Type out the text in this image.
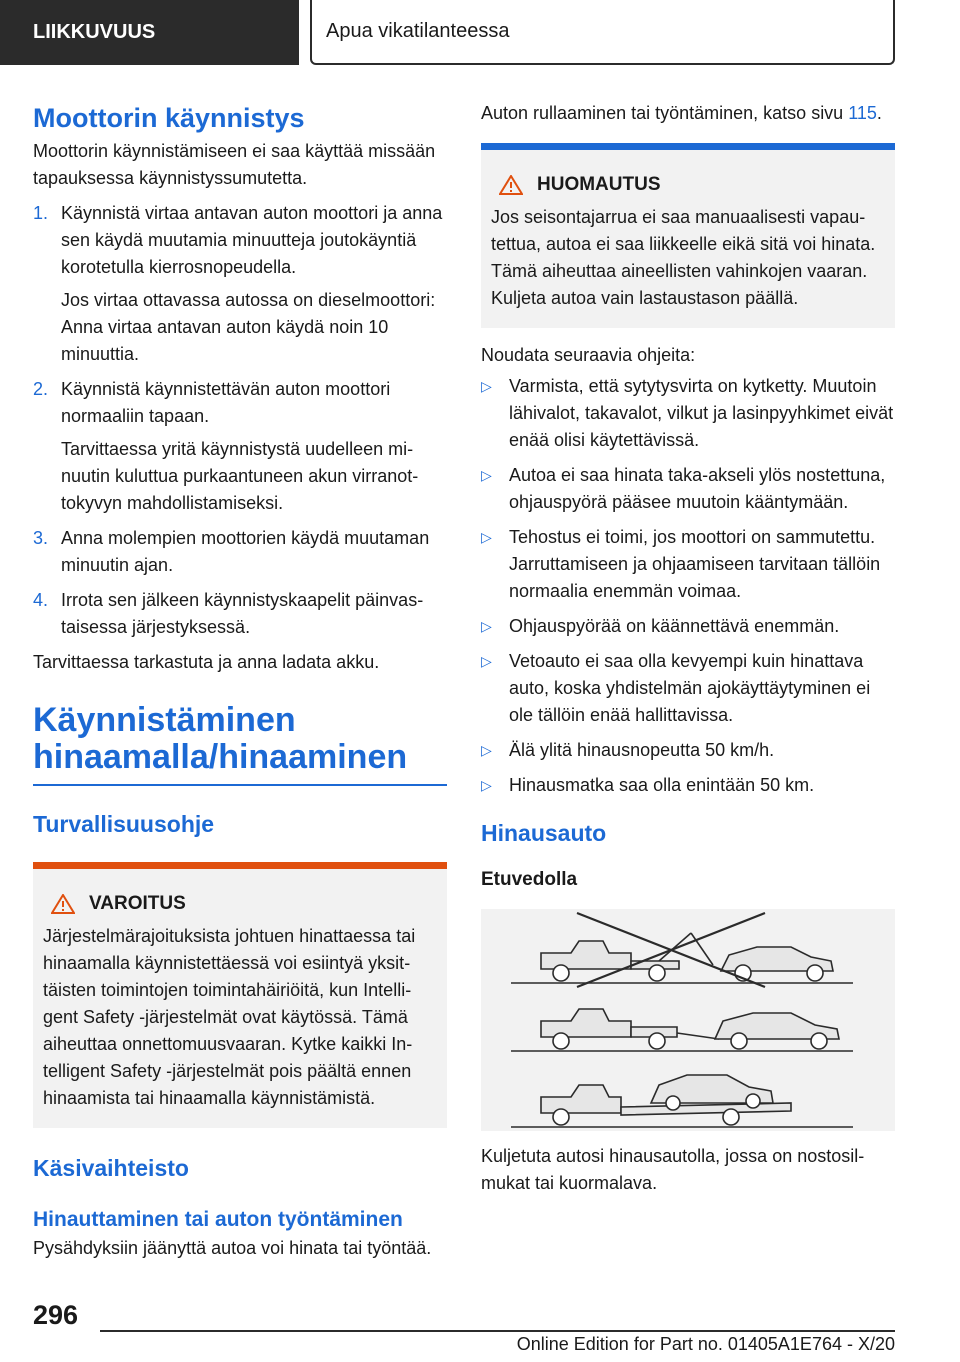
LIIKKUVUUS	Apua vikatilanteessa
Moottorin käynnistys

Moottorin käynnistämiseen ei saa käyttää missään tapauksessa käynnistyssumutetta.

1. Käynnistä virtaa antavan auton moottori ja anna sen käydä muutamia minuutteja joutokäyntiä korotetulla kierrosnopeudella.
Jos virtaa ottavassa autossa on dieselmoottori: Anna virtaa antavan auton käydä noin 10 minuuttia.
2. Käynnistä käynnistettävän auton moottori normaaliin tapaan.
Tarvittaessa yritä käynnistystä uudelleen minuutin kuluttua purkaantuneen akun virranottokyvyn mahdollistamiseksi.
3. Anna molempien moottorien käydä muutaman minuutin ajan.
4. Irrota sen jälkeen käynnistyskaapelit päinvastaisessa järjestyksessä.

Tarvittaessa tarkastuta ja anna ladata akku.

Käynnistäminen hinaamalla/hinaaminen
Turvallisuusohje
VAROITUS

Järjestelmärajoituksista johtuen hinattaessa tai hinaamalla käynnistettäessä voi esiintyä yksittäisten toimintojen toimintahäiriöitä, kun Intelligent Safety -järjestelmät ovat käytössä. Tämä aiheuttaa onnettomuusvaaran. Kytke kaikki Intelligent Safety -järjestelmät pois päältä ennen hinaamista tai hinaamalla käynnistämistä.

Käsivaihteisto
Hinauttaminen tai auton työntäminen

Pysähdyksiin jäänyttä autoa voi hinata tai työntää.

Auton rullaaminen tai työntäminen, katso sivu 115.

HUOMAUTUS

Jos seisontajarrua ei saa manuaalisesti vapautettua, autoa ei saa liikkeelle eikä sitä voi hinata. Tämä aiheuttaa aineellisten vahinkojen vaaran. Kuljeta autoa vain lastaustason päällä.

Noudata seuraavia ohjeita:

▷ Varmista, että sytytysvirta on kytketty. Muutoin lähivalot, takavalot, vilkut ja lasinpyyhkimet eivät enää olisi käytettävissä.
▷ Autoa ei saa hinata taka-akseli ylös nostettuna, ohjauspyörä pääsee muutoin kääntymään.
▷ Tehostus ei toimi, jos moottori on sammutettu. Jarruttamiseen ja ohjaamiseen tarvitaan tällöin normaalia enemmän voimaa.
▷ Ohjauspyörää on käännettävä enemmän.
▷ Vetoauto ei saa olla kevyempi kuin hinattava auto, koska yhdistelmän ajokäyttäytyminen ei ole tällöin enää hallittavissa.
▷ Älä ylitä hinausnopeutta 50 km/h.
▷ Hinausmatka saa olla enintään 50 km.
Hinausauto
Etuvedolla

Kuljetuta autosi hinausautolla, jossa on nostosilmukat tai kuormalava.

296
Online Edition for Part no. 01405A1E764 - X/20
